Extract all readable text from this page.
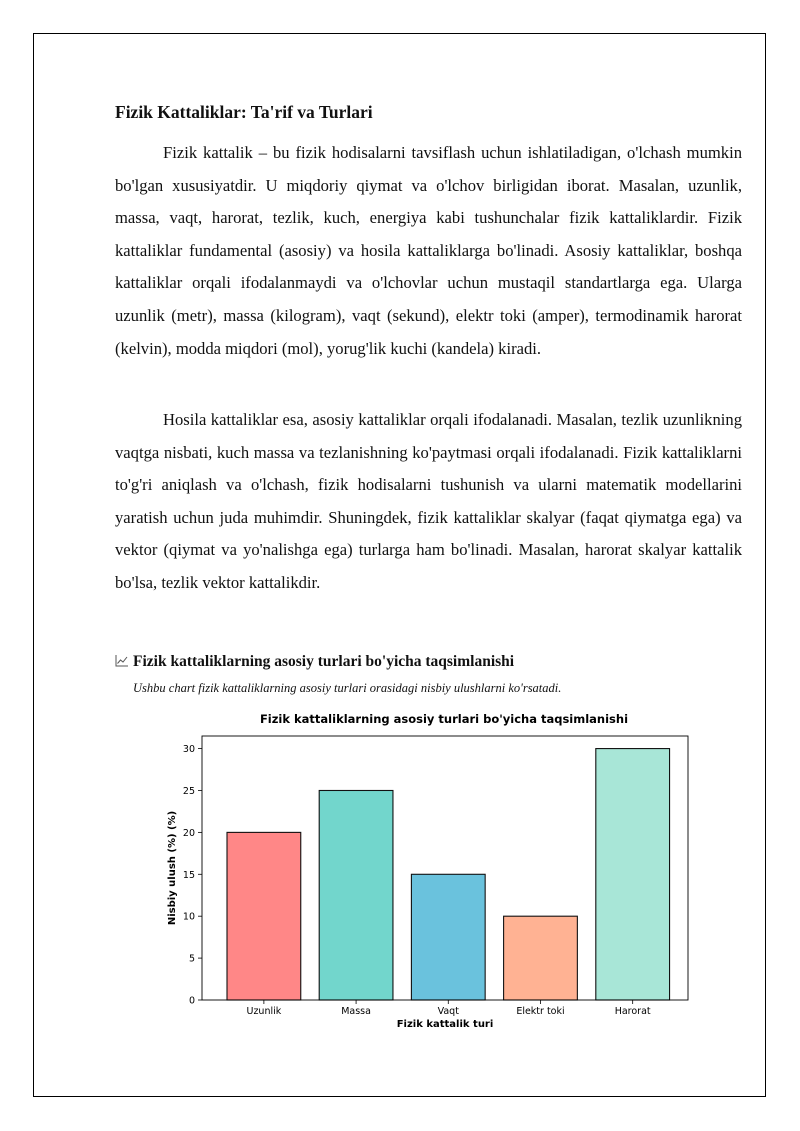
Fizik Kattaliklar: Ta'rif va Turlari

Fizik kattalik – bu fizik hodisalarni tavsiflash uchun ishlatiladigan, o'lchash mumkin bo'lgan xususiyatdir. U miqdoriy qiymat va o'lchov birligidan iborat. Masalan, uzunlik, massa, vaqt, harorat, tezlik, kuch, energiya kabi tushunchalar fizik kattaliklardir. Fizik kattaliklar fundamental (asosiy) va hosila kattaliklarga bo'linadi. Asosiy kattaliklar, boshqa kattaliklar orqali ifodalanmaydi va o'lchovlar uchun mustaqil standartlarga ega. Ularga uzunlik (metr), massa (kilogram), vaqt (sekund), elektr toki (amper), termodinamik harorat (kelvin), modda miqdori (mol), yorug'lik kuchi (kandela) kiradi.

Hosila kattaliklar esa, asosiy kattaliklar orqali ifodalanadi. Masalan, tezlik uzunlikning vaqtga nisbati, kuch massa va tezlanishning ko'paytmasi orqali ifodalanadi. Fizik kattaliklarni to'g'ri aniqlash va o'lchash, fizik hodisalarni tushunish va ularni matematik modellarini yaratish uchun juda muhimdir. Shuningdek, fizik kattaliklar skalyar (faqat qiymatga ega) va vektor (qiymat va yo'nalishga ega) turlarga ham bo'linadi. Masalan, harorat skalyar kattalik bo'lsa, tezlik vektor kattalikdir.

Fizik kattaliklarning asosiy turlari bo'yicha taqsimlanishi
Ushbu chart fizik kattaliklarning asosiy turlari orasidagi nisbiy ulushlarni ko'rsatadi.
Fizik kattaliklarning asosiy turlari bo'yicha taqsimlanishi
0
5
10
15
20
25
30
Uzunlik	Massa	Vaqt	Elektr toki	Harorat
Fizik kattalik turi
Nisbiy ulush (%) (%)
